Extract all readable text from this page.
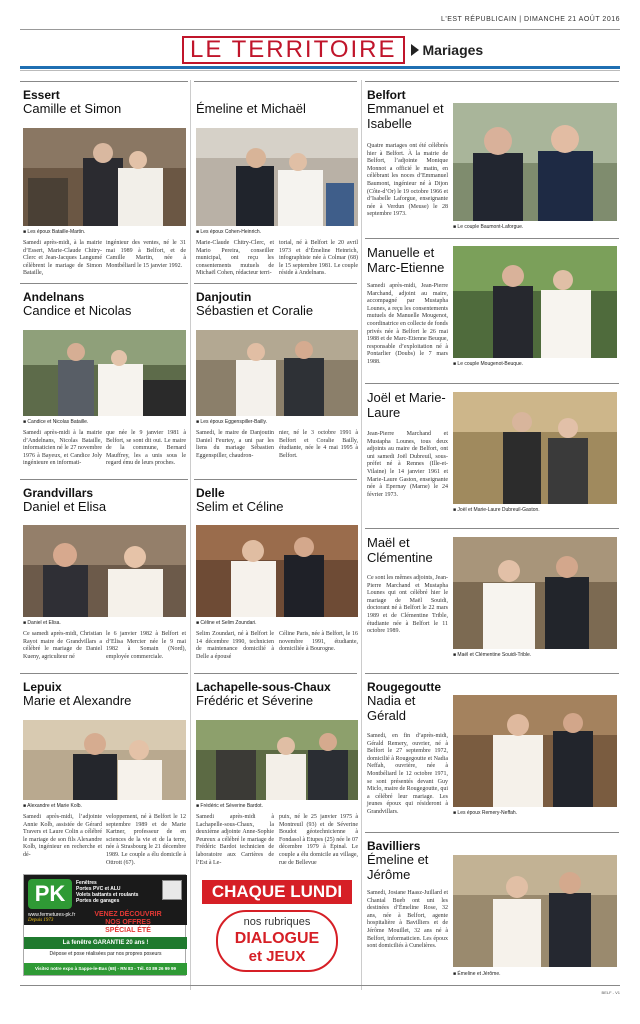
L'EST RÉPUBLICAIN | DIMANCHE 21 AOÛT 2016
LE TERRITOIRE	Mariages
Essert
Camille et Simon
■ Les époux Bataille-Martin.
Samedi après-midi, à la mairie d’Essert, Marie-Claude Chitry-Clerc et Jean-Jacques Langumé célèbrent le mariage de Simon Bataille,
ingénieur des ventes, né le 31 mai 1989 à Belfort, et de Camille Martin, née à Montbéliard le 15 janvier 1992.
Émeline et Michaël
■ Les époux Cohen-Heinrich.
Marie-Claude Chitry-Clerc, et Mario Pereira, conseiller municipal, ont reçu les consentements mutuels de Michaël Cohen, rédacteur terri-
torial, né à Belfort le 20 avril 1973 et d’Émeline Heinrich, infographiste née à Colmar (68) le 15 septembre 1981. Le couple réside à Andelnans.
Belfort
Emmanuel et Isabelle
Quatre mariages ont été célébrés hier à Belfort. À la mairie de Belfort, l’adjointe Monique Monnot a officié le matin, en célébrant les noces d’Emmanuel Baumont, ingénieur né à Dijon (Côte-d’Or) le 19 octobre 1966 et d’Isabelle Laforgue, enseignante née à Verdun (Meuse) le 28 septembre 1973.
■ Le couple Baumont-Laforgue.
Andelnans
Candice et Nicolas
■ Candice et Nicolas Bataille.
Samedi après-midi à la mairie d’Andelnans, Nicolas Bataille, informaticien né le 27 novembre 1976 à Bayeux, et Candice Joly ingénieure en informati-
que née le 9 janvier 1981 à Belfort, se sont dit oui. Le maire de la commune, Bernard Mauffrey, les a unis sous le regard ému de leurs proches.
Danjoutin
Sébastien et Coralie
■ Les époux Eggenspiller-Bailly.
Samedi, le maire de Danjoutin Daniel Feurtey, a uni par les liens du mariage Sébastien Eggenspiller, chaudron-
nier, né le 3 octobre 1991 à Belfort et Coralie Bailly, étudiante, née le 4 mai 1995 à Belfort.
Manuelle et Marc-Etienne
Samedi après-midi, Jean-Pierre Marchand, adjoint au maire, accompagné par Mustapha Lounes, a reçu les consentements mutuels de Manuelle Mougenot, coordinatrice en collecte de fonds privés née à Belfort le 26 mai 1988 et de Marc-Etienne Beuque, responsable d’exploitation né à Pontarlier (Doubs) le 7 mars 1988.	■ Le couple Mougenot-Beuque.
Joël et Marie-Laure
Jean-Pierre Marchand et Mustapha Lounes, tous deux adjoints au maire de Belfort, ont uni samedi Joël Dubreuil, sous-préfet né à Rennes (Ille-et-Vilaine) le 14 janvier 1961 et Marie-Laure Gaston, enseignante née à Epernay (Marne) le 24 février 1973.
■ Joël et Marie-Laure Dubreuil-Gaston.
Grandvillars
Daniel et Elisa
■ Daniel et Elisa.
Ce samedi après-midi, Christian Rayot maire de Grandvillars a célébré le mariage de Daniel Kueny, agriculteur né
le 6 janvier 1982 à Belfort et d’Elisa Mercier née le 9 mai 1982 à Somain (Nord), employée commerciale.
Delle
Selim et Céline
■ Céline et Selim Zoundari.
Selim Zoundari, né à Belfort le 14 décembre 1990, technicien de maintenance domicilié à Delle a épousé
Céline Paris, née à Belfort, le 16 novembre 1991, étudiante, domiciliée à Bourogne.
Maël et Clémentine
Ce sont les mêmes adjoints, Jean-Pierre Marchand et Mustapha Lounes qui ont célébré hier le mariage de Maël Souidi, doctorant né à Belfort le 22 mars 1989 et de Clémentine Trible, étudiante née à Belfort le 11 octobre 1989.
■ Maël et Clémentine Souidi-Trible.
Lepuix
Marie et Alexandre
■ Alexandre et Marie Kolb.
Samedi après-midi, l’adjointe Annie Kolb, assistée de Gérard Travers et Laure Colin a célébré le mariage de son fils Alexandre Kolb, ingénieur en recherche et dé-
veloppement, né à Belfort le 12 septembre 1989 et de Marie Kartner, professeur de en sciences de la vie et de la terre, née à Strasbourg le 21 décembre 1989. Le couple a élu domicile à Ottrott (67).
Lachapelle-sous-Chaux
Frédéric et Séverine
■ Frédéric et Séverine Bardot.
Samedi après-midi à Lachapelle-sous-Chaux, la deuxième adjointe Anne-Sophie Peureux a célébré le mariage de Frédéric Bardot technicien de laboratoire aux Carrières de l’Est à Le-
puix, né le 25 janvier 1975 à Montreuil (93) et de Séverine Boudot géotechnicienne à Fondasol à Etupes (25) née le 07 décembre 1979 à Épinal. Le couple a élu domicile au village, rue de Bellevue
Rougegoutte
Nadia et Gérald
Samedi, en fin d’après-midi, Gérald Remery, ouvrier, né à Belfort le 27 septembre 1972, domicilié à Rougegoutte et Nadia Neffah, ouvrière, née à Montbéliard le 12 octobre 1971, se sont présentés devant Guy Miclo, maire de Rougegoutte, qui a célébré leur mariage. Les jeunes époux qui résideront à Grandvillars.	■ Les époux Remery-Neffah.
Bavilliers
Émeline et Jérôme
Samedi, Josiane Haasz-Juillard et Chantal Bueb ont uni les destinées d’Émeline Rose, 32 ans, née à Belfort, agente hospitalière à Bavilliers et de Jérôme Mouillet, 32 ans né à Belfort, informaticien. Les époux sont domiciliés à Cunelières.
■ Émeline et Jérôme.
PK	Fenêtres
Portes PVC et ALU
Volets battants et roulants
Portes de garages
www.fermetures-pk.fr
Depuis 1973
VENEZ DÉCOUVRIR
NOS OFFRES
SPÉCIAL ÉTÉ
La fenêtre GARANTIE 20 ans !
Dépose et pose réalisées par nos propres poseurs
Visitez notre expo à Sappe-le-Bas (68) - RN 83 - Tél. 03 89 26 99 99
CHAQUE LUNDI
nos rubriques
DIALOGUE
et JEUX
BELF - V1
